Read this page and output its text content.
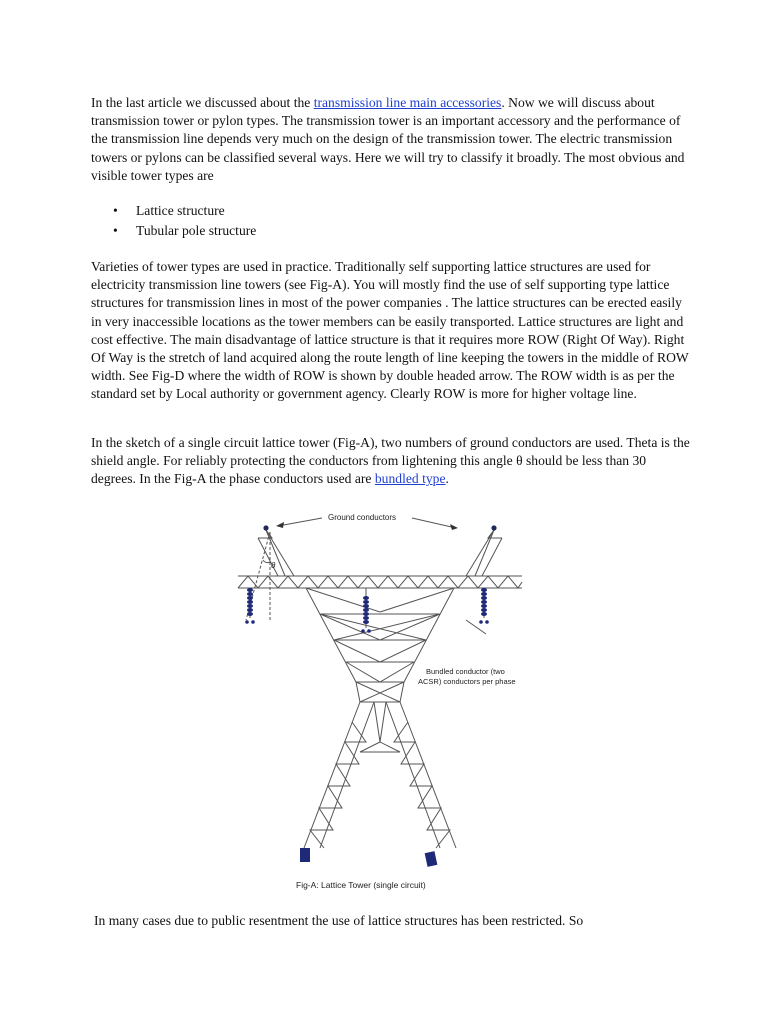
In the last article we discussed about the transmission line main accessories. Now we will discuss about transmission tower or pylon types. The transmission tower is an important accessory and the performance of the transmission line depends very much on the design of the transmission tower. The electric transmission towers or pylons can be classified several ways. Here we will try to classify it broadly. The most obvious and visible tower types are

• Lattice structure
• Tubular pole structure

Varieties of tower types are used in practice. Traditionally self supporting lattice structures are used for electricity transmission line towers (see Fig-A). You will mostly find the use of self supporting type lattice structures for transmission lines in most of the power companies . The lattice structures can be erected easily in very inaccessible locations as the tower members can be easily transported. Lattice structures are light and cost effective. The main disadvantage of lattice structure is that it requires more ROW (Right Of Way). Right Of Way is the stretch of land acquired along the route length of line keeping the towers in the middle of ROW width. See Fig-D where the width of ROW is shown by double headed arrow. The ROW width is as per the standard set by Local authority or government agency. Clearly ROW is more for higher voltage line.

In the sketch of a single circuit lattice tower (Fig-A), two numbers of ground conductors are used. Theta is the shield angle. For reliably protecting the conductors from lightening this angle θ should be less than 30 degrees. In the Fig-A the phase conductors used are bundled type.

Ground conductors
θ
Bundled conductor (two
ACSR) conductors per phase
Fig-A: Lattice Tower (single circuit)

In many cases due to public resentment the use of lattice structures has been restricted. So
